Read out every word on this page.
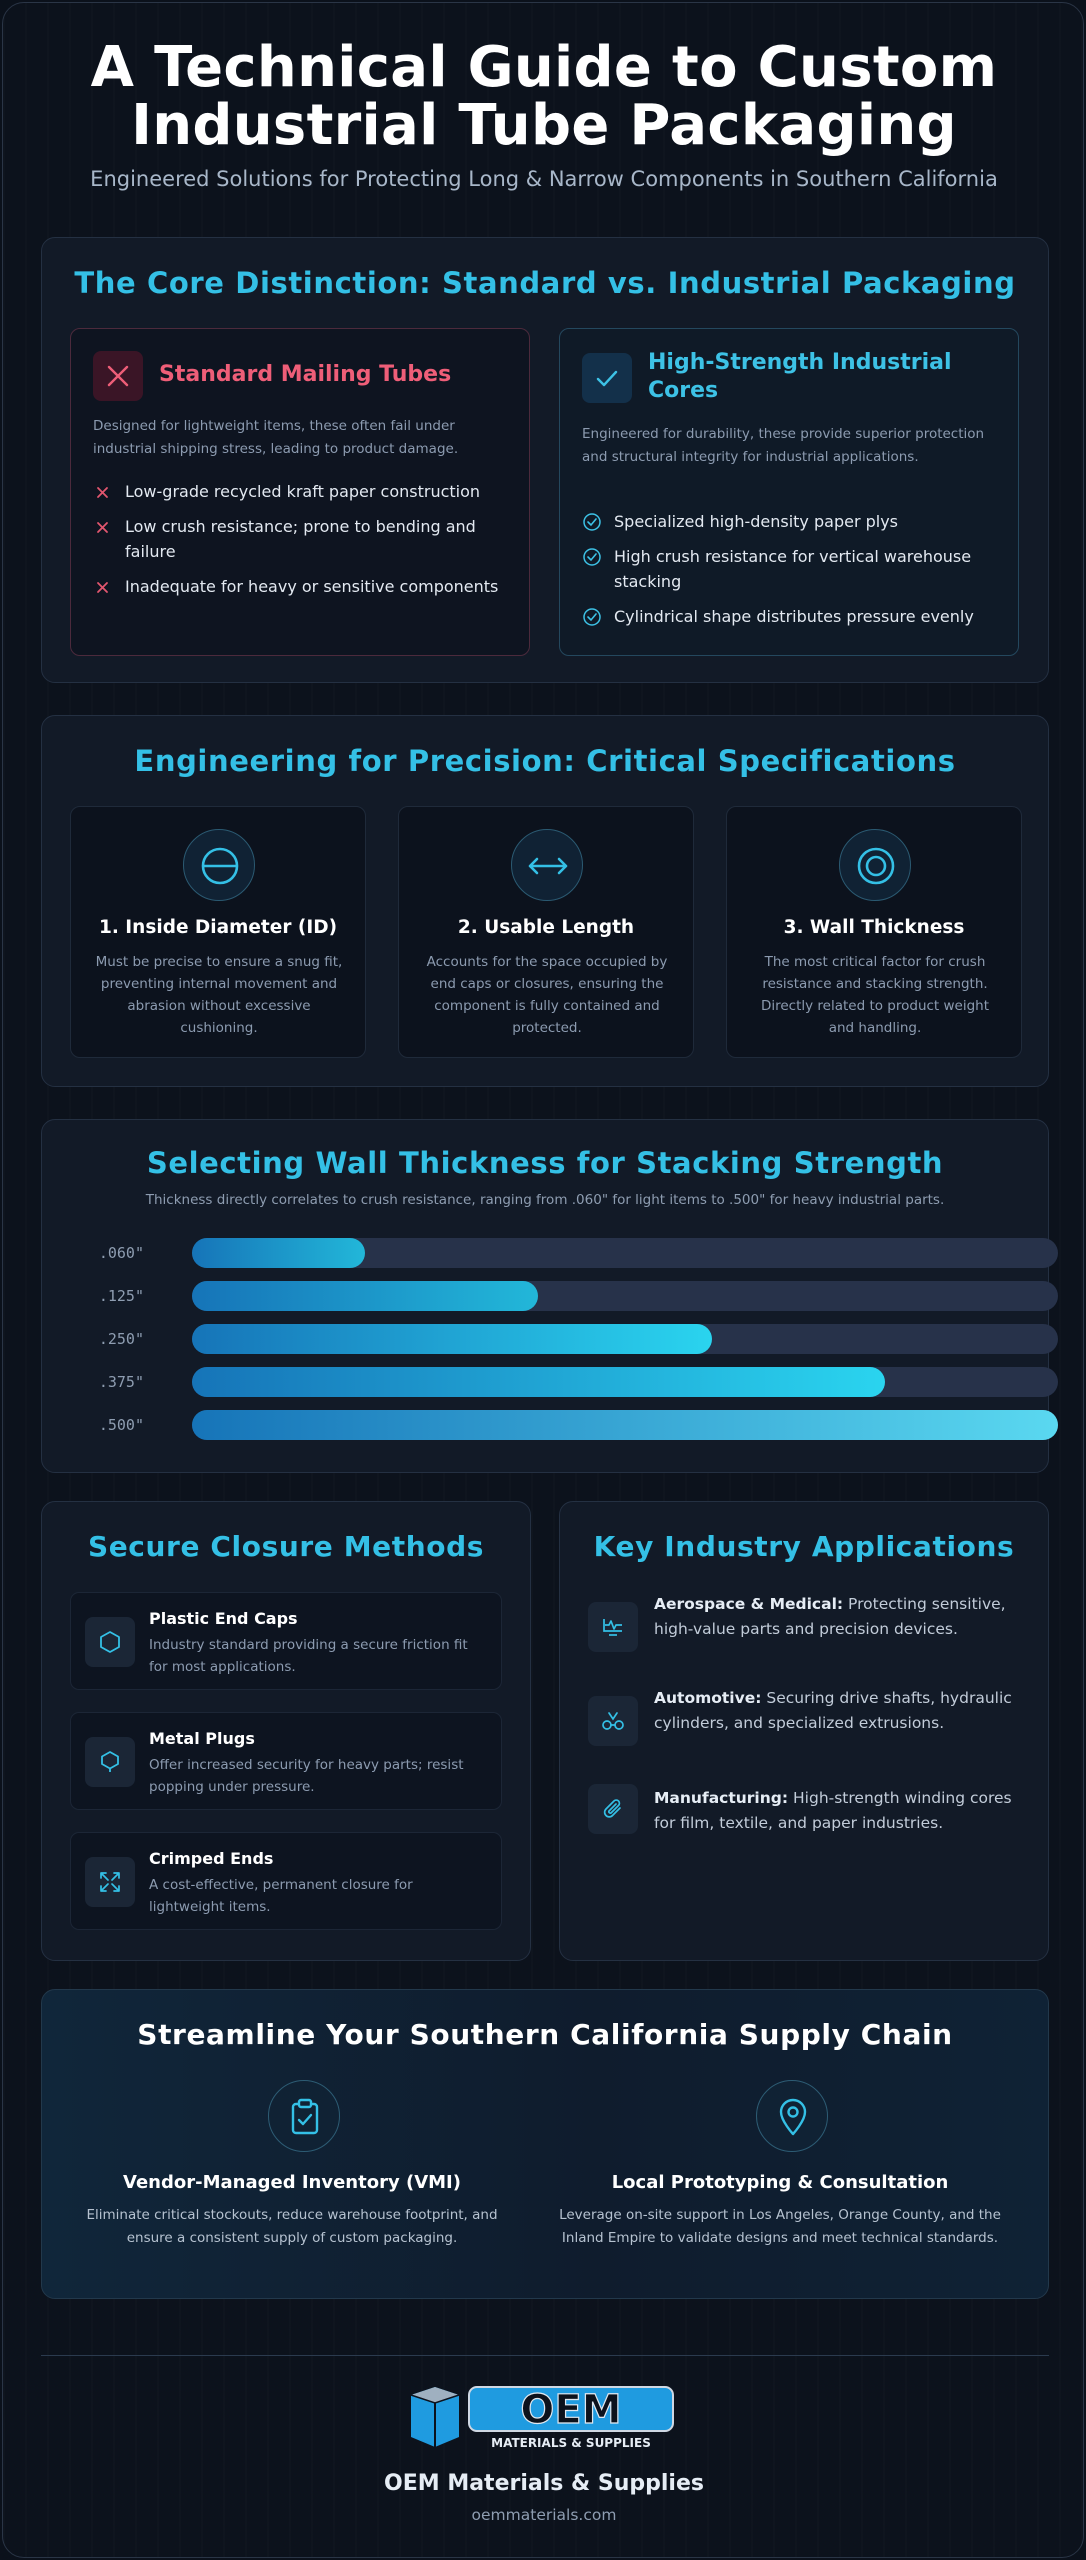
A Technical Guide to Custom
Industrial Tube Packaging
Engineered Solutions for Protecting Long & Narrow Components in Southern California
The Core Distinction: Standard vs. Industrial Packaging
Standard Mailing Tubes
Designed for lightweight items, these often fail under industrial shipping stress, leading to product damage.
Low-grade recycled kraft paper construction
Low crush resistance; prone to bending and failure
Inadequate for heavy or sensitive components
High-Strength Industrial Cores
Engineered for durability, these provide superior protection and structural integrity for industrial applications.
Specialized high-density paper plys
High crush resistance for vertical warehouse stacking
Cylindrical shape distributes pressure evenly
Engineering for Precision: Critical Specifications
1. Inside Diameter (ID)
Must be precise to ensure a snug fit, preventing internal movement and abrasion without excessive cushioning.
2. Usable Length
Accounts for the space occupied by end caps or closures, ensuring the component is fully contained and protected.
3. Wall Thickness
The most critical factor for crush resistance and stacking strength. Directly related to product weight and handling.
Selecting Wall Thickness for Stacking Strength
Thickness directly correlates to crush resistance, ranging from .060" for light items to .500" for heavy industrial parts.
.060"
.125"
.250"
.375"
.500"
Secure Closure Methods
Plastic End Caps
Industry standard providing a secure friction fit for most applications.
Metal Plugs
Offer increased security for heavy parts; resist popping under pressure.
Crimped Ends
A cost-effective, permanent closure for lightweight items.
Key Industry Applications
Aerospace & Medical: Protecting sensitive, high-value parts and precision devices.
Automotive: Securing drive shafts, hydraulic cylinders, and specialized extrusions.
Manufacturing: High-strength winding cores for film, textile, and paper industries.
Streamline Your Southern California Supply Chain
Vendor-Managed Inventory (VMI)
Eliminate critical stockouts, reduce warehouse footprint, and ensure a consistent supply of custom packaging.
Local Prototyping & Consultation
Leverage on-site support in Los Angeles, Orange County, and the Inland Empire to validate designs and meet technical standards.
OEM
MATERIALS & SUPPLIES
OEM Materials & Supplies
oemmaterials.com
